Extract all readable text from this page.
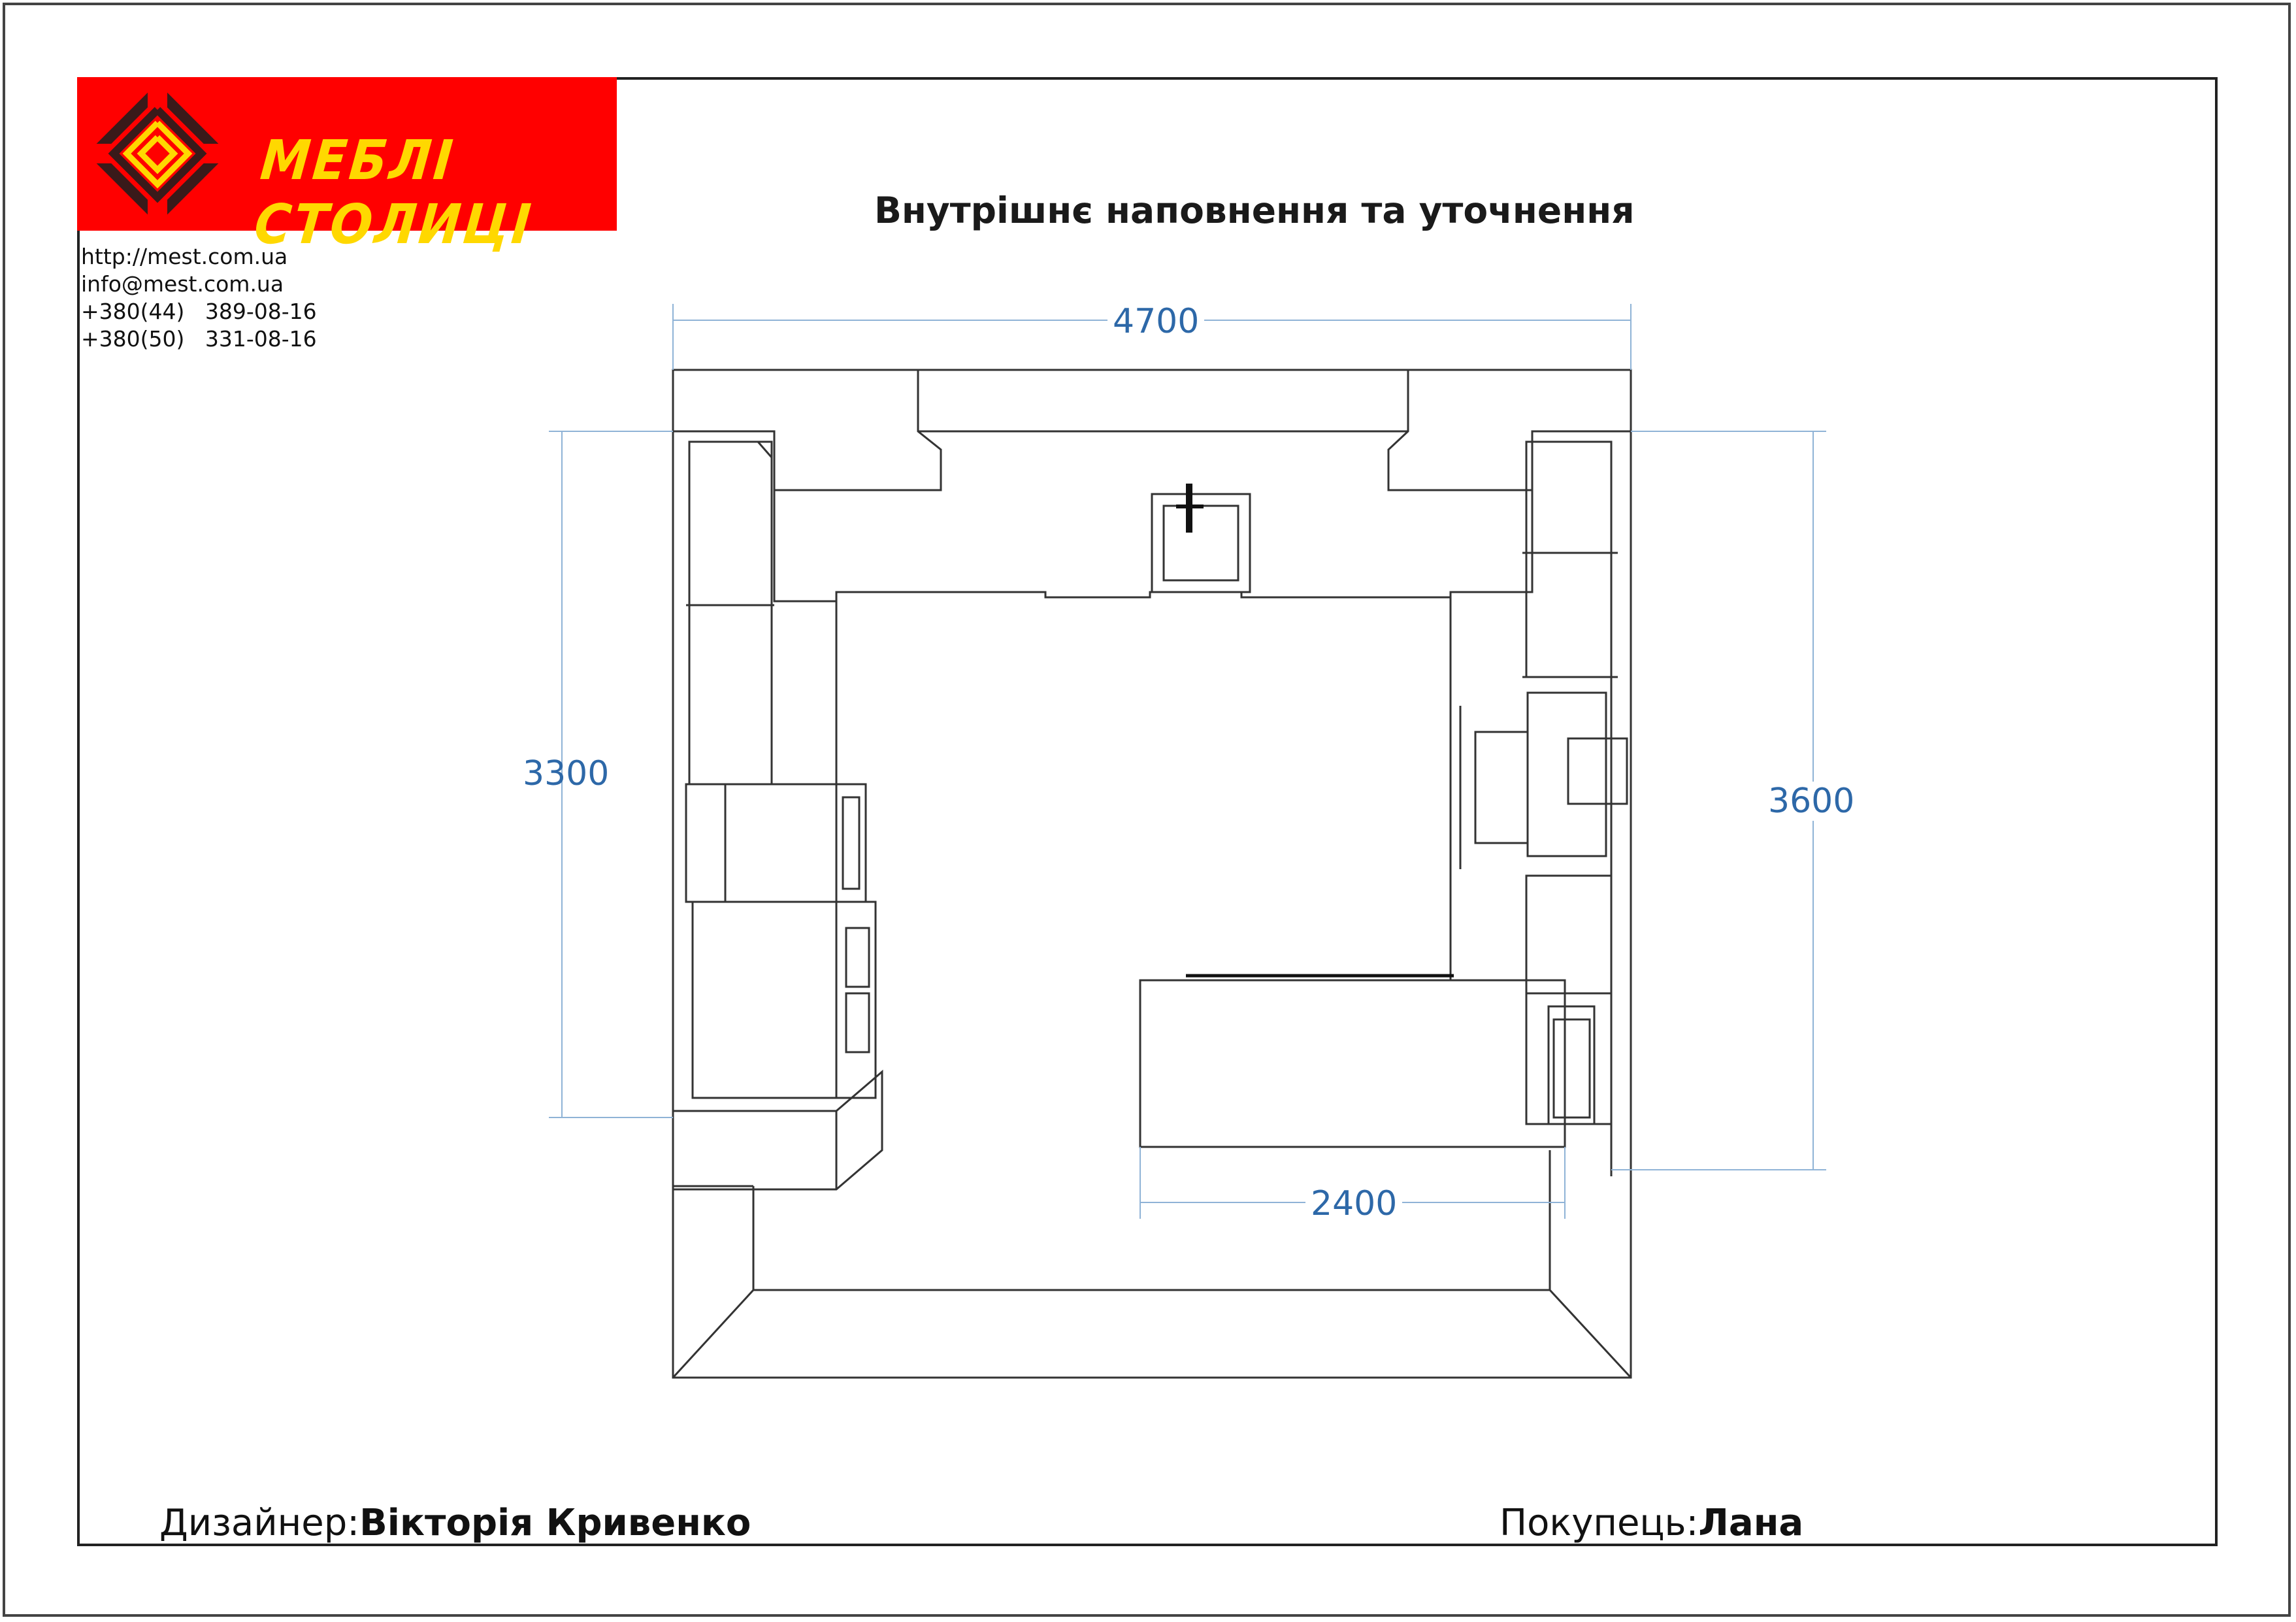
МЕБЛІ СТОЛИЦІ
http://mest.com.ua
info@mest.com.ua
+380(44)   389-08-16
+380(50)   331-08-16
Внутрішнє наповнення та уточнення
4700
3300
3600
2400
Дизайнер:Вікторія Кривенко	Покупець:Лана
